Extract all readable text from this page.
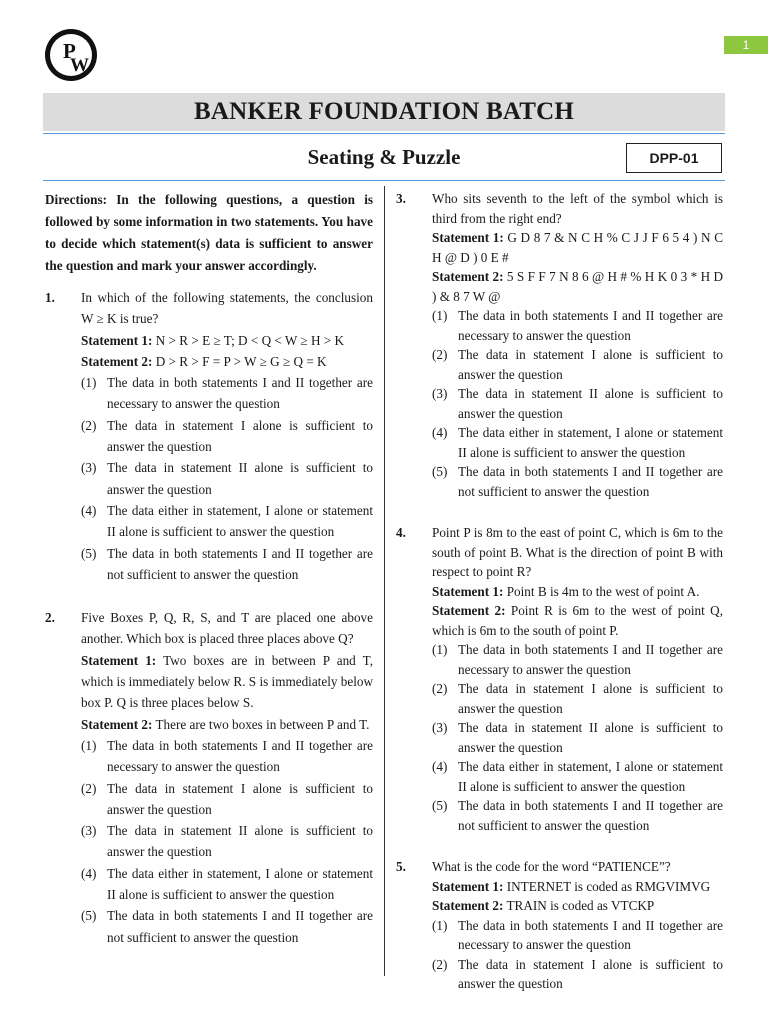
P
W
1
BANKER FOUNDATION BATCH
Seating & Puzzle	DPP-01

Directions: In the following questions, a question is followed by some information in two statements. You have to decide which statement(s) data is sufficient to answer the question and mark your answer accordingly.

1. In which of the following statements, the conclusion W ≥ K is true?

Statement 1: N > R > E ≥ T; D < Q < W ≥ H > K

Statement 2: D > R > F = P > W ≥ G ≥ Q = K

(1) The data in both statements I and II together are necessary to answer the question
(2) The data in statement I alone is sufficient to answer the question
(3) The data in statement II alone is sufficient to answer the question
(4) The data either in statement, I alone or statement II alone is sufficient to answer the question
(5) The data in both statements I and II together are not sufficient to answer the question
2. Five Boxes P, Q, R, S, and T are placed one above another. Which box is placed three places above Q?

Statement 1: Two boxes are in between P and T, which is immediately below R. S is immediately below box P. Q is three places below S.

Statement 2: There are two boxes in between P and T.

(1) The data in both statements I and II together are necessary to answer the question
(2) The data in statement I alone is sufficient to answer the question
(3) The data in statement II alone is sufficient to answer the question
(4) The data either in statement, I alone or statement II alone is sufficient to answer the question
(5) The data in both statements I and II together are not sufficient to answer the question
3. Who sits seventh to the left of the symbol which is third from the right end?

Statement 1: G D 8 7 & N C H % C J J F 6 5 4 ) N C H @ D ) 0 E #

Statement 2: 5 S F F 7 N 8 6 @ H # % H K 0 3 * H D ) & 8 7 W @

(1) The data in both statements I and II together are necessary to answer the question
(2) The data in statement I alone is sufficient to answer the question
(3) The data in statement II alone is sufficient to answer the question
(4) The data either in statement, I alone or statement II alone is sufficient to answer the question
(5) The data in both statements I and II together are not sufficient to answer the question
4. Point P is 8m to the east of point C, which is 6m to the south of point B. What is the direction of point B with respect to point R?

Statement 1: Point B is 4m to the west of point A.

Statement 2: Point R is 6m to the west of point Q, which is 6m to the south of point P.

(1) The data in both statements I and II together are necessary to answer the question
(2) The data in statement I alone is sufficient to answer the question
(3) The data in statement II alone is sufficient to answer the question
(4) The data either in statement, I alone or statement II alone is sufficient to answer the question
(5) The data in both statements I and II together are not sufficient to answer the question
5. What is the code for the word “PATIENCE”?

Statement 1: INTERNET is coded as RMGVIMVG

Statement 2: TRAIN is coded as VTCKP

(1) The data in both statements I and II together are necessary to answer the question
(2) The data in statement I alone is sufficient to answer the question
